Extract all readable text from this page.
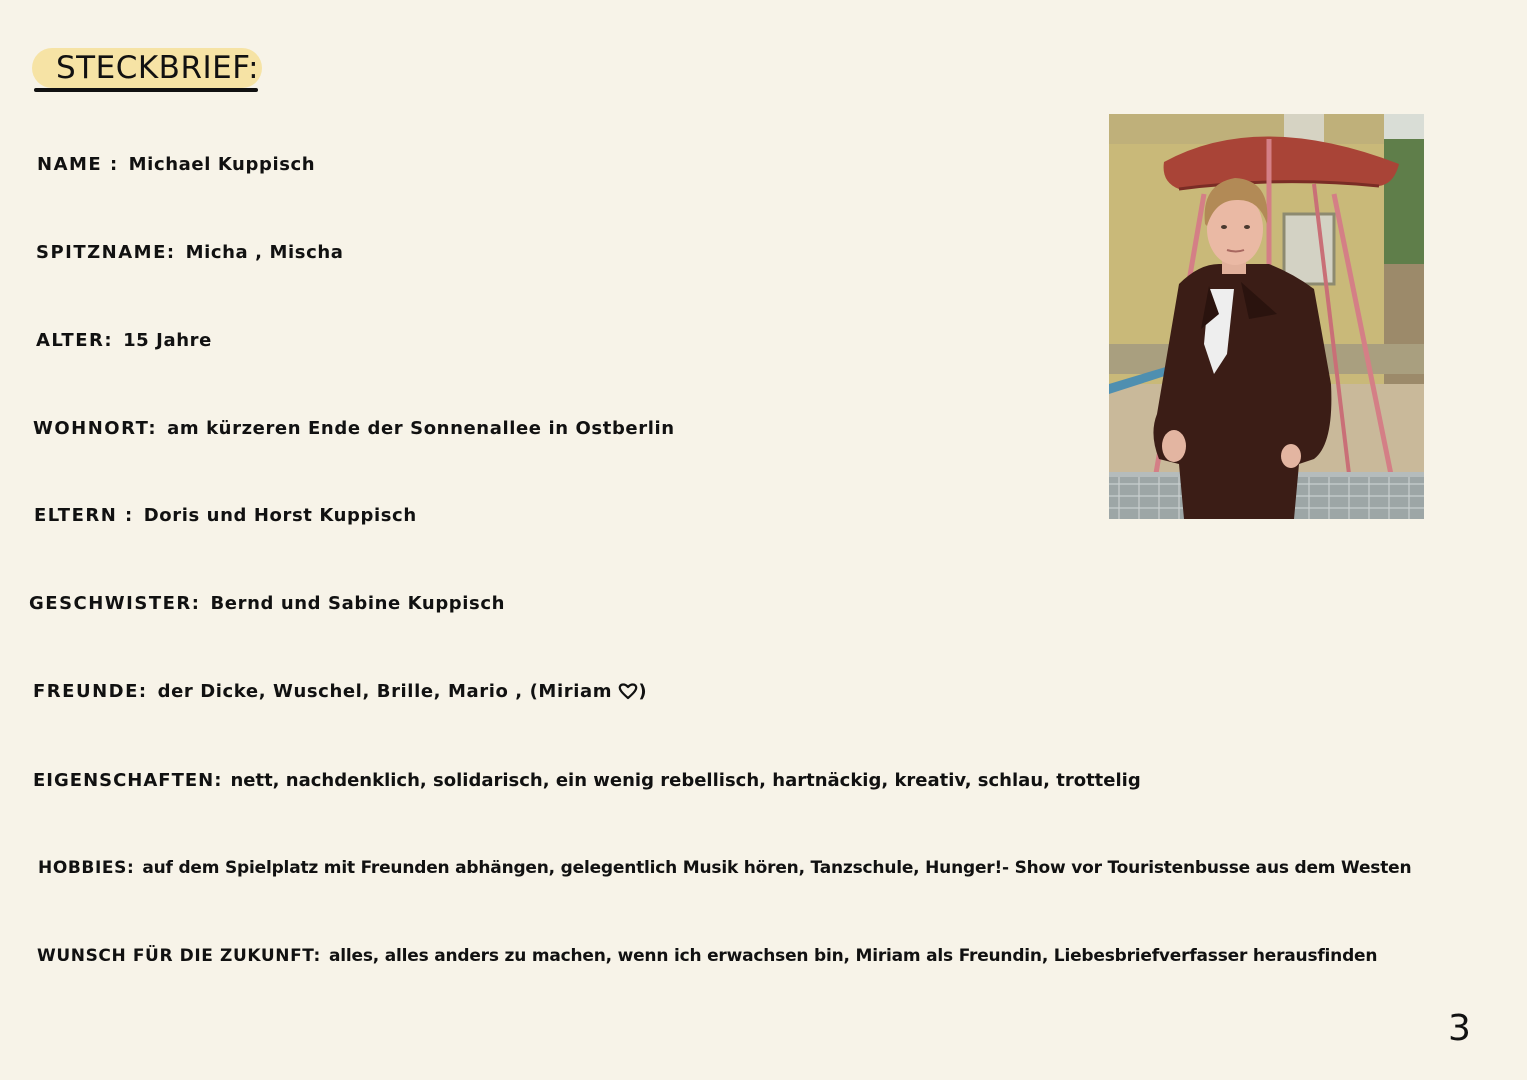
STECKBRIEF:
NAME : Michael Kuppisch
SPITZNAME: Micha , Mischa
ALTER: 15 Jahre
WOHNORT: am kürzeren Ende der Sonnenallee in Ostberlin
ELTERN : Doris und Horst Kuppisch
GESCHWISTER: Bernd und Sabine Kuppisch
FREUNDE: der Dicke, Wuschel, Brille, Mario , (Miriam )
EIGENSCHAFTEN: nett, nachdenklich, solidarisch, ein wenig rebellisch, hartnäckig, kreativ, schlau, trottelig
HOBBIES: auf dem Spielplatz mit Freunden abhängen, gelegentlich Musik hören, Tanzschule, Hunger!- Show vor Touristenbusse aus dem Westen
WUNSCH FÜR DIE ZUKUNFT: alles, alles anders zu machen, wenn ich erwachsen bin, Miriam als Freundin, Liebesbriefverfasser herausfinden
3
